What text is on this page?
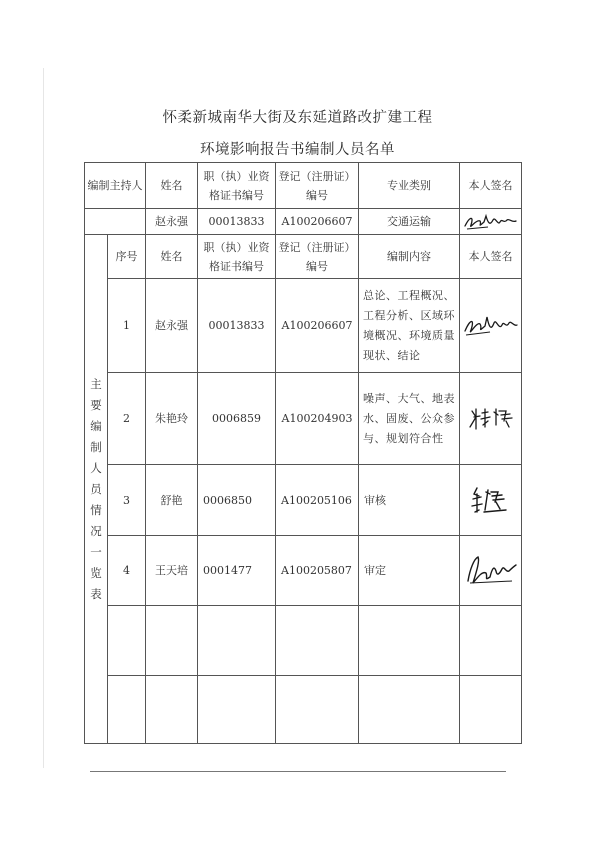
怀柔新城南华大街及东延道路改扩建工程
环境影响报告书编制人员名单
编制主持人		姓名	职（执）业资格证书编号	登记（注册证）编号	专业类别	本人签名
		赵永强	00013833	A100206607	交通运输	

主要编制人员情况一览表	序号	姓名	职（执）业资格证书编号	登记（注册证）编号	编制内容	本人签名
	1	赵永强	00013833	A100206607	总论、工程概况、工程分析、区域环境概况、环境质量现状、结论	

	2	朱艳玲	0006859	A100204903	噪声、大气、地表水、固废、公众参与、规划符合性	

	3	舒艳	0006850	A100205106	审核	

	4	王天培	0001477	A100205807	审定	
